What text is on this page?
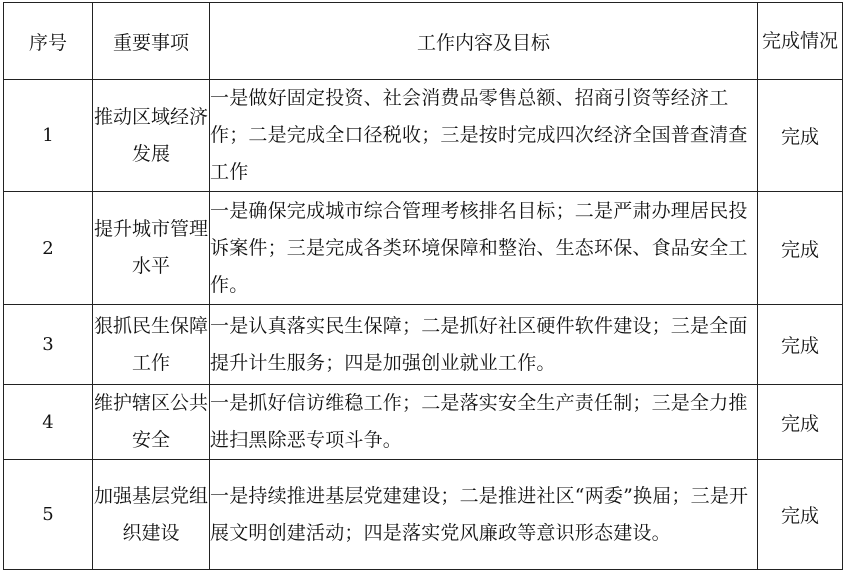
序号	重要事项	工作内容及目标	完成情况
1	推动区域经济发展	一是做好固定投资、社会消费品零售总额、招商引资等经济工作；二是完成全口径税收；三是按时完成四次经济全国普查清查工作	完成
2	提升城市管理水平	一是确保完成城市综合管理考核排名目标；二是严肃办理居民投诉案件；三是完成各类环境保障和整治、生态环保、食品安全工作。	完成
3	狠抓民生保障工作	一是认真落实民生保障；二是抓好社区硬件软件建设；三是全面提升计生服务；四是加强创业就业工作。	完成
4	维护辖区公共安全	一是抓好信访维稳工作；二是落实安全生产责任制；三是全力推进扫黑除恶专项斗争。	完成
5	加强基层党组织建设	一是持续推进基层党建建设；二是推进社区“两委”换届；三是开展文明创建活动；四是落实党风廉政等意识形态建设。	完成
